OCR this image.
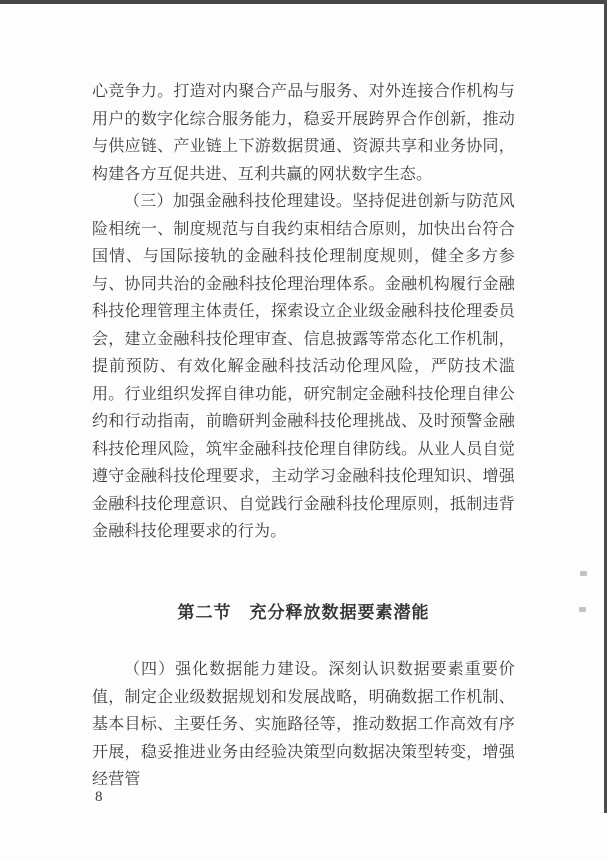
心竞争力。打造对内聚合产品与服务、对外连接合作机构与用户的数字化综合服务能力，稳妥开展跨界合作创新，推动与供应链、产业链上下游数据贯通、资源共享和业务协同，构建各方互促共进、互利共赢的网状数字生态。

（三）加强金融科技伦理建设。坚持促进创新与防范风险相统一、制度规范与自我约束相结合原则，加快出台符合国情、与国际接轨的金融科技伦理制度规则，健全多方参与、协同共治的金融科技伦理治理体系。金融机构履行金融科技伦理管理主体责任，探索设立企业级金融科技伦理委员会，建立金融科技伦理审查、信息披露等常态化工作机制，提前预防、有效化解金融科技活动伦理风险，严防技术滥用。行业组织发挥自律功能，研究制定金融科技伦理自律公约和行动指南，前瞻研判金融科技伦理挑战、及时预警金融科技伦理风险，筑牢金融科技伦理自律防线。从业人员自觉遵守金融科技伦理要求，主动学习金融科技伦理知识、增强金融科技伦理意识、自觉践行金融科技伦理原则，抵制违背金融科技伦理要求的行为。

第二节　充分释放数据要素潜能

（四）强化数据能力建设。深刻认识数据要素重要价值，制定企业级数据规划和发展战略，明确数据工作机制、基本目标、主要任务、实施路径等，推动数据工作高效有序开展，稳妥推进业务由经验决策型向数据决策型转变，增强经营管

8
